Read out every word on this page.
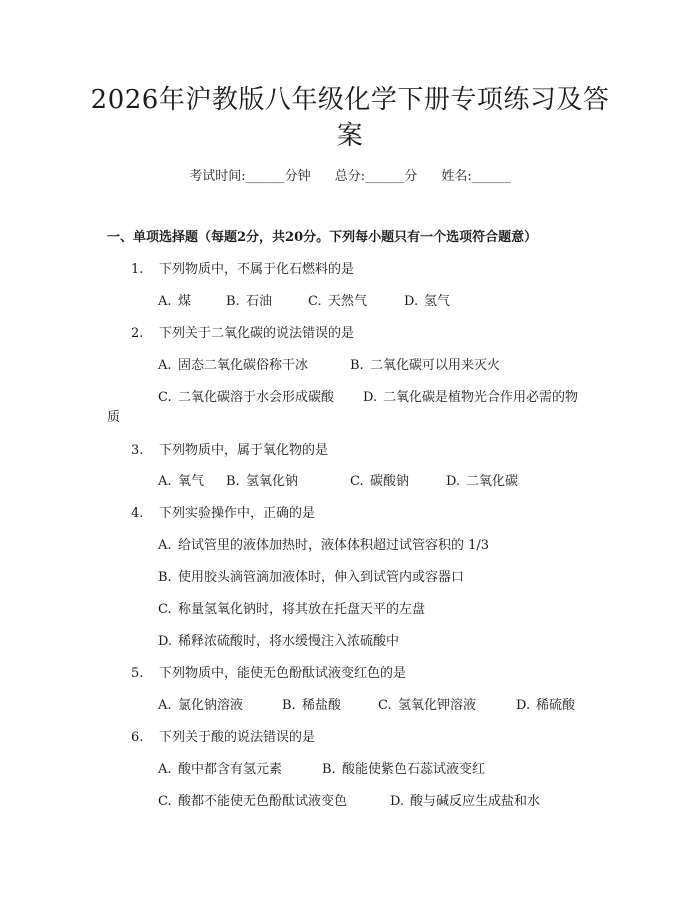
2026年沪教版八年级化学下册专项练习及答
案
考试时间:______分钟 总分:______分 姓名:______
一、单项选择题（每题2分，共20分。下列每小题只有一个选项符合题意）
1. 下列物质中，不属于化石燃料的是
A. 煤	B. 石油	C. 天然气	D. 氢气
2. 下列关于二氧化碳的说法错误的是
A. 固态二氧化碳俗称干冰	B. 二氧化碳可以用来灭火
C. 二氧化碳溶于水会形成碳酸 D. 二氧化碳是植物光合作用必需的物
质
3. 下列物质中，属于氧化物的是
A. 氧气 B. 氢氧化钠	C. 碳酸钠	D. 二氧化碳
4. 下列实验操作中，正确的是
A. 给试管里的液体加热时，液体体积超过试管容积的 1/3
B. 使用胶头滴管滴加液体时，伸入到试管内或容器口
C. 称量氢氧化钠时，将其放在托盘天平的左盘
D. 稀释浓硫酸时，将水缓慢注入浓硫酸中
5. 下列物质中，能使无色酚酞试液变红色的是
A. 氯化钠溶液	B. 稀盐酸	C. 氢氧化钾溶液	D. 稀硫酸
6. 下列关于酸的说法错误的是
A. 酸中都含有氢元素	B. 酸能使紫色石蕊试液变红
C. 酸都不能使无色酚酞试液变色	D. 酸与碱反应生成盐和水
